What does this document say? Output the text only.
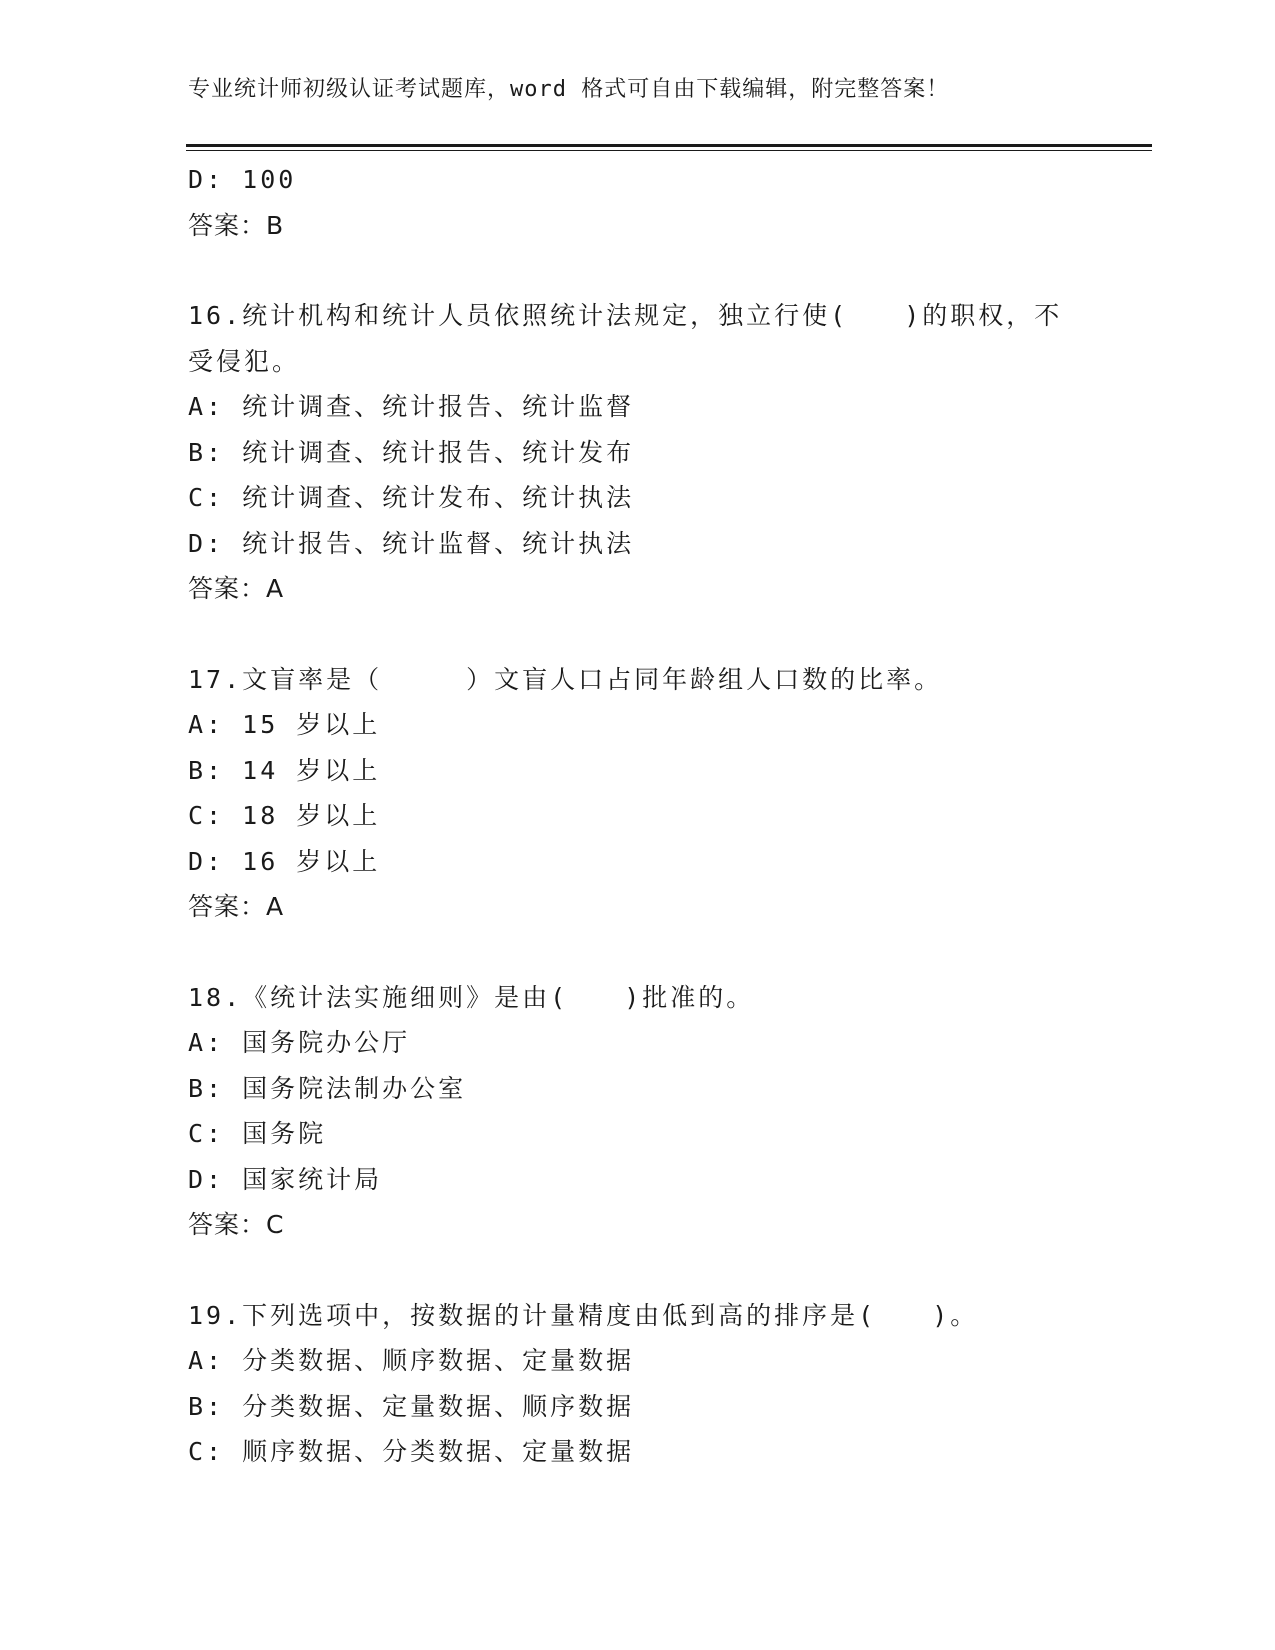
专业统计师初级认证考试题库，word 格式可自由下载编辑，附完整答案！
D: 100
答案：B
16.统计机构和统计人员依照统计法规定，独立行使(　　)的职权，不
受侵犯。
A: 统计调查、统计报告、统计监督
B: 统计调查、统计报告、统计发布
C: 统计调查、统计发布、统计执法
D: 统计报告、统计监督、统计执法
答案：A
17.文盲率是（　　　）文盲人口占同年龄组人口数的比率。
A: 15 岁以上
B: 14 岁以上
C: 18 岁以上
D: 16 岁以上
答案：A
18.《统计法实施细则》是由(　　)批准的。
A: 国务院办公厅
B: 国务院法制办公室
C: 国务院
D: 国家统计局
答案：C
19.下列选项中，按数据的计量精度由低到高的排序是(　　)。
A: 分类数据、顺序数据、定量数据
B: 分类数据、定量数据、顺序数据
C: 顺序数据、分类数据、定量数据
